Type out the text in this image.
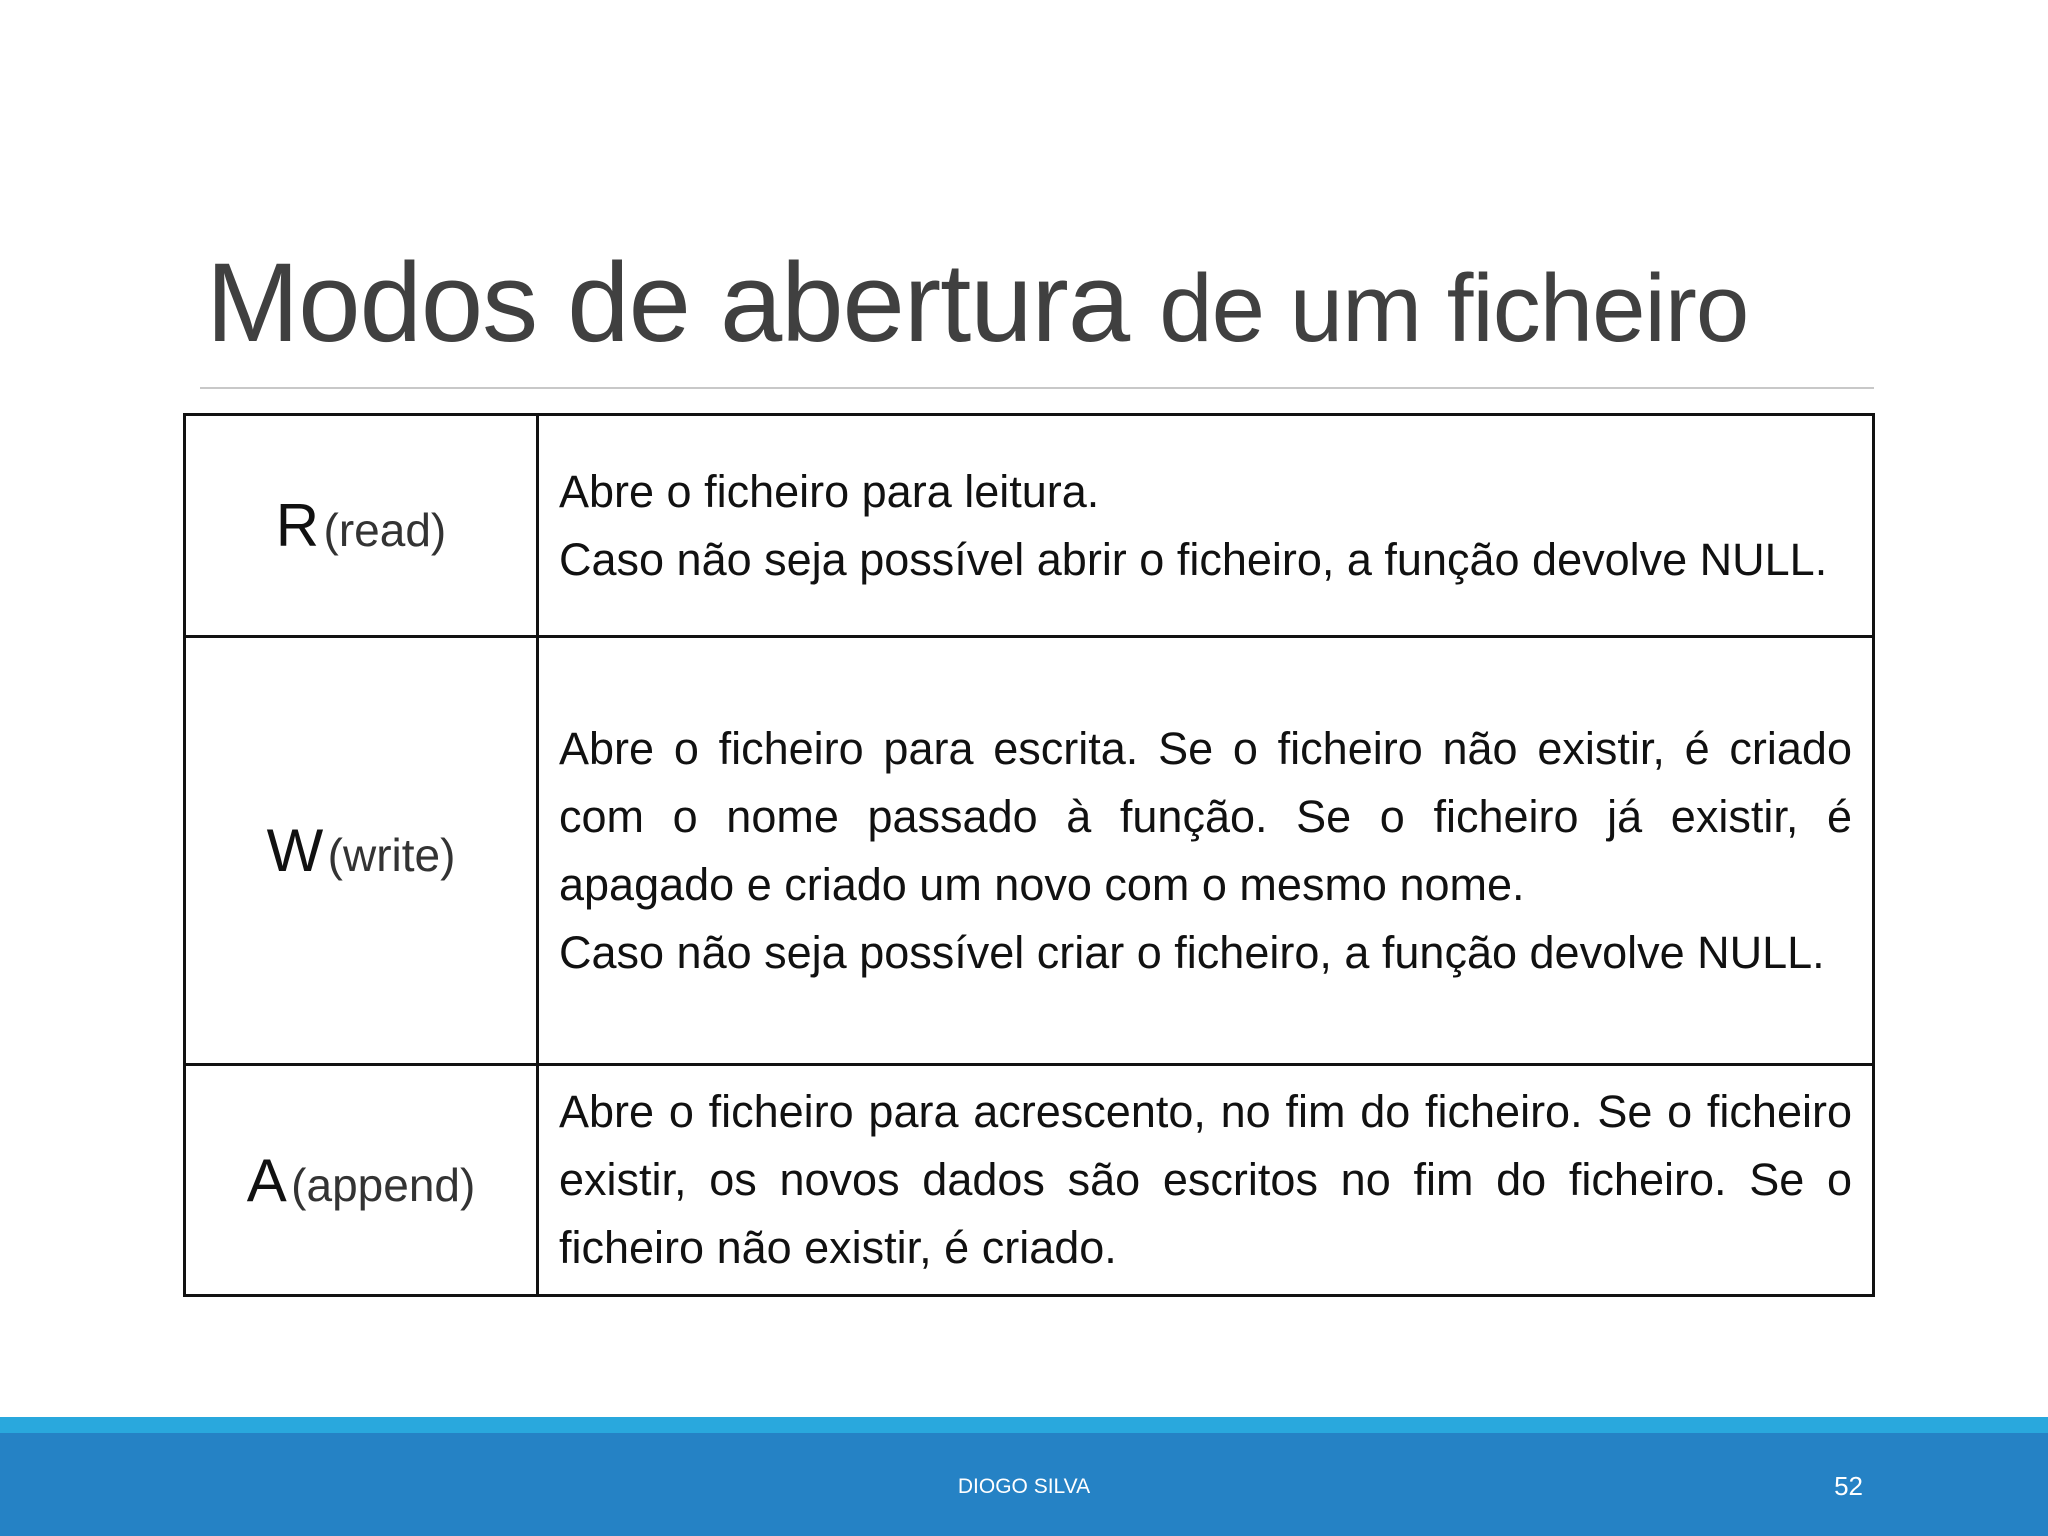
Modos de abertura de um ficheiro
R (read)	Abre o ficheiro para leitura.

Caso não seja possível abrir o ficheiro, a função devolve NULL.

W (write)	Abre o ficheiro para escrita. Se o ficheiro não existir, é criado com o nome passado à função. Se o ficheiro já existir, é apagado e criado um novo com o mesmo nome.

Caso não seja possível criar o ficheiro, a função devolve NULL.

A (append)	Abre o ficheiro para acrescento, no fim do ficheiro. Se o ficheiro existir, os novos dados são escritos no fim do ficheiro. Se o ficheiro não existir, é criado.

DIOGO SILVA	52
